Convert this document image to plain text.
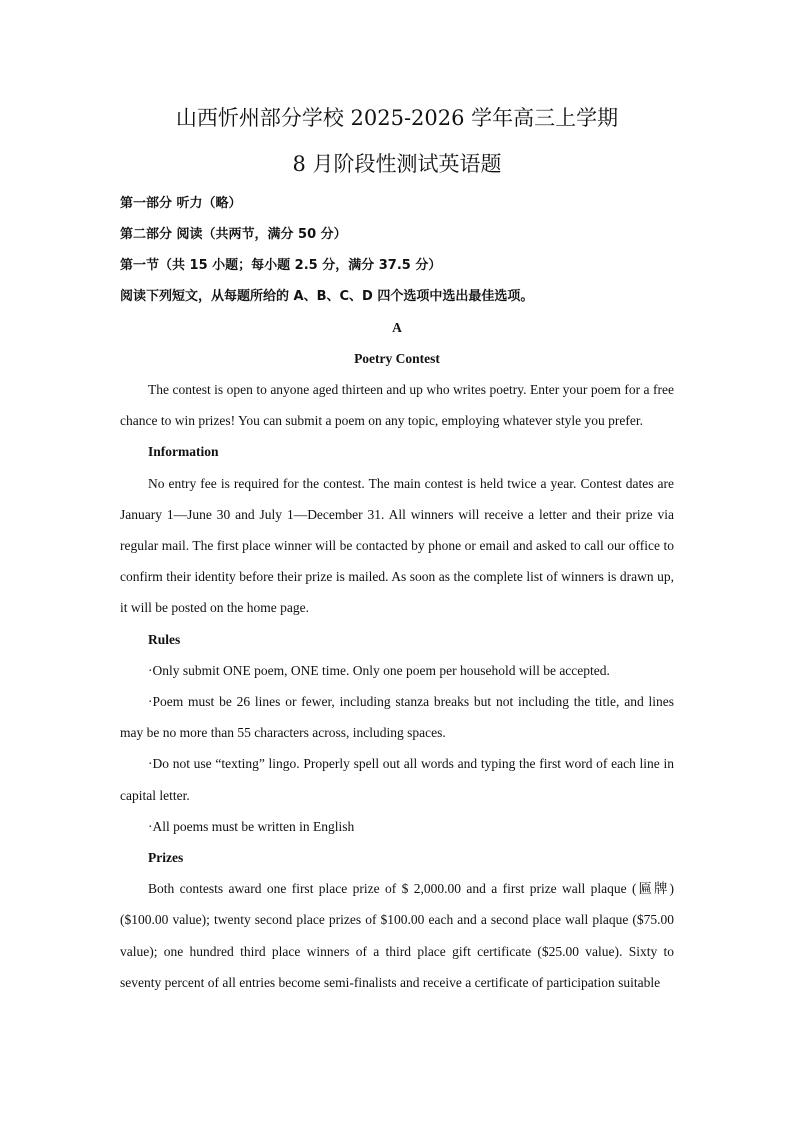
山西忻州部分学校 2025-2026 学年高三上学期
8 月阶段性测试英语题

第一部分 听力（略）

第二部分 阅读（共两节，满分 50 分）

第一节（共 15 小题；每小题 2.5 分，满分 37.5 分）

阅读下列短文，从每题所给的 A、B、C、D 四个选项中选出最佳选项。

A

Poetry Contest

The contest is open to anyone aged thirteen and up who writes poetry. Enter your poem for a free chance to win prizes! You can submit a poem on any topic, employing whatever style you prefer.

Information

No entry fee is required for the contest. The main contest is held twice a year. Contest dates are January 1—June 30 and July 1—December 31. All winners will receive a letter and their prize via regular mail. The first place winner will be contacted by phone or email and asked to call our office to confirm their identity before their prize is mailed. As soon as the complete list of winners is drawn up, it will be posted on the home page.

Rules

·Only submit ONE poem, ONE time. Only one poem per household will be accepted.

·Poem must be 26 lines or fewer, including stanza breaks but not including the title, and lines may be no more than 55 characters across, including spaces.

·Do not use “texting” lingo. Properly spell out all words and typing the first word of each line in capital letter.

·All poems must be written in English

Prizes

Both contests award one first place prize of $ 2,000.00 and a first prize wall plaque (匾牌) ($100.00 value); twenty second place prizes of $100.00 each and a second place wall plaque ($75.00 value); one hundred third place winners of a third place gift certificate ($25.00 value). Sixty to seventy percent of all entries become semi-finalists and receive a certificate of participation suitable
